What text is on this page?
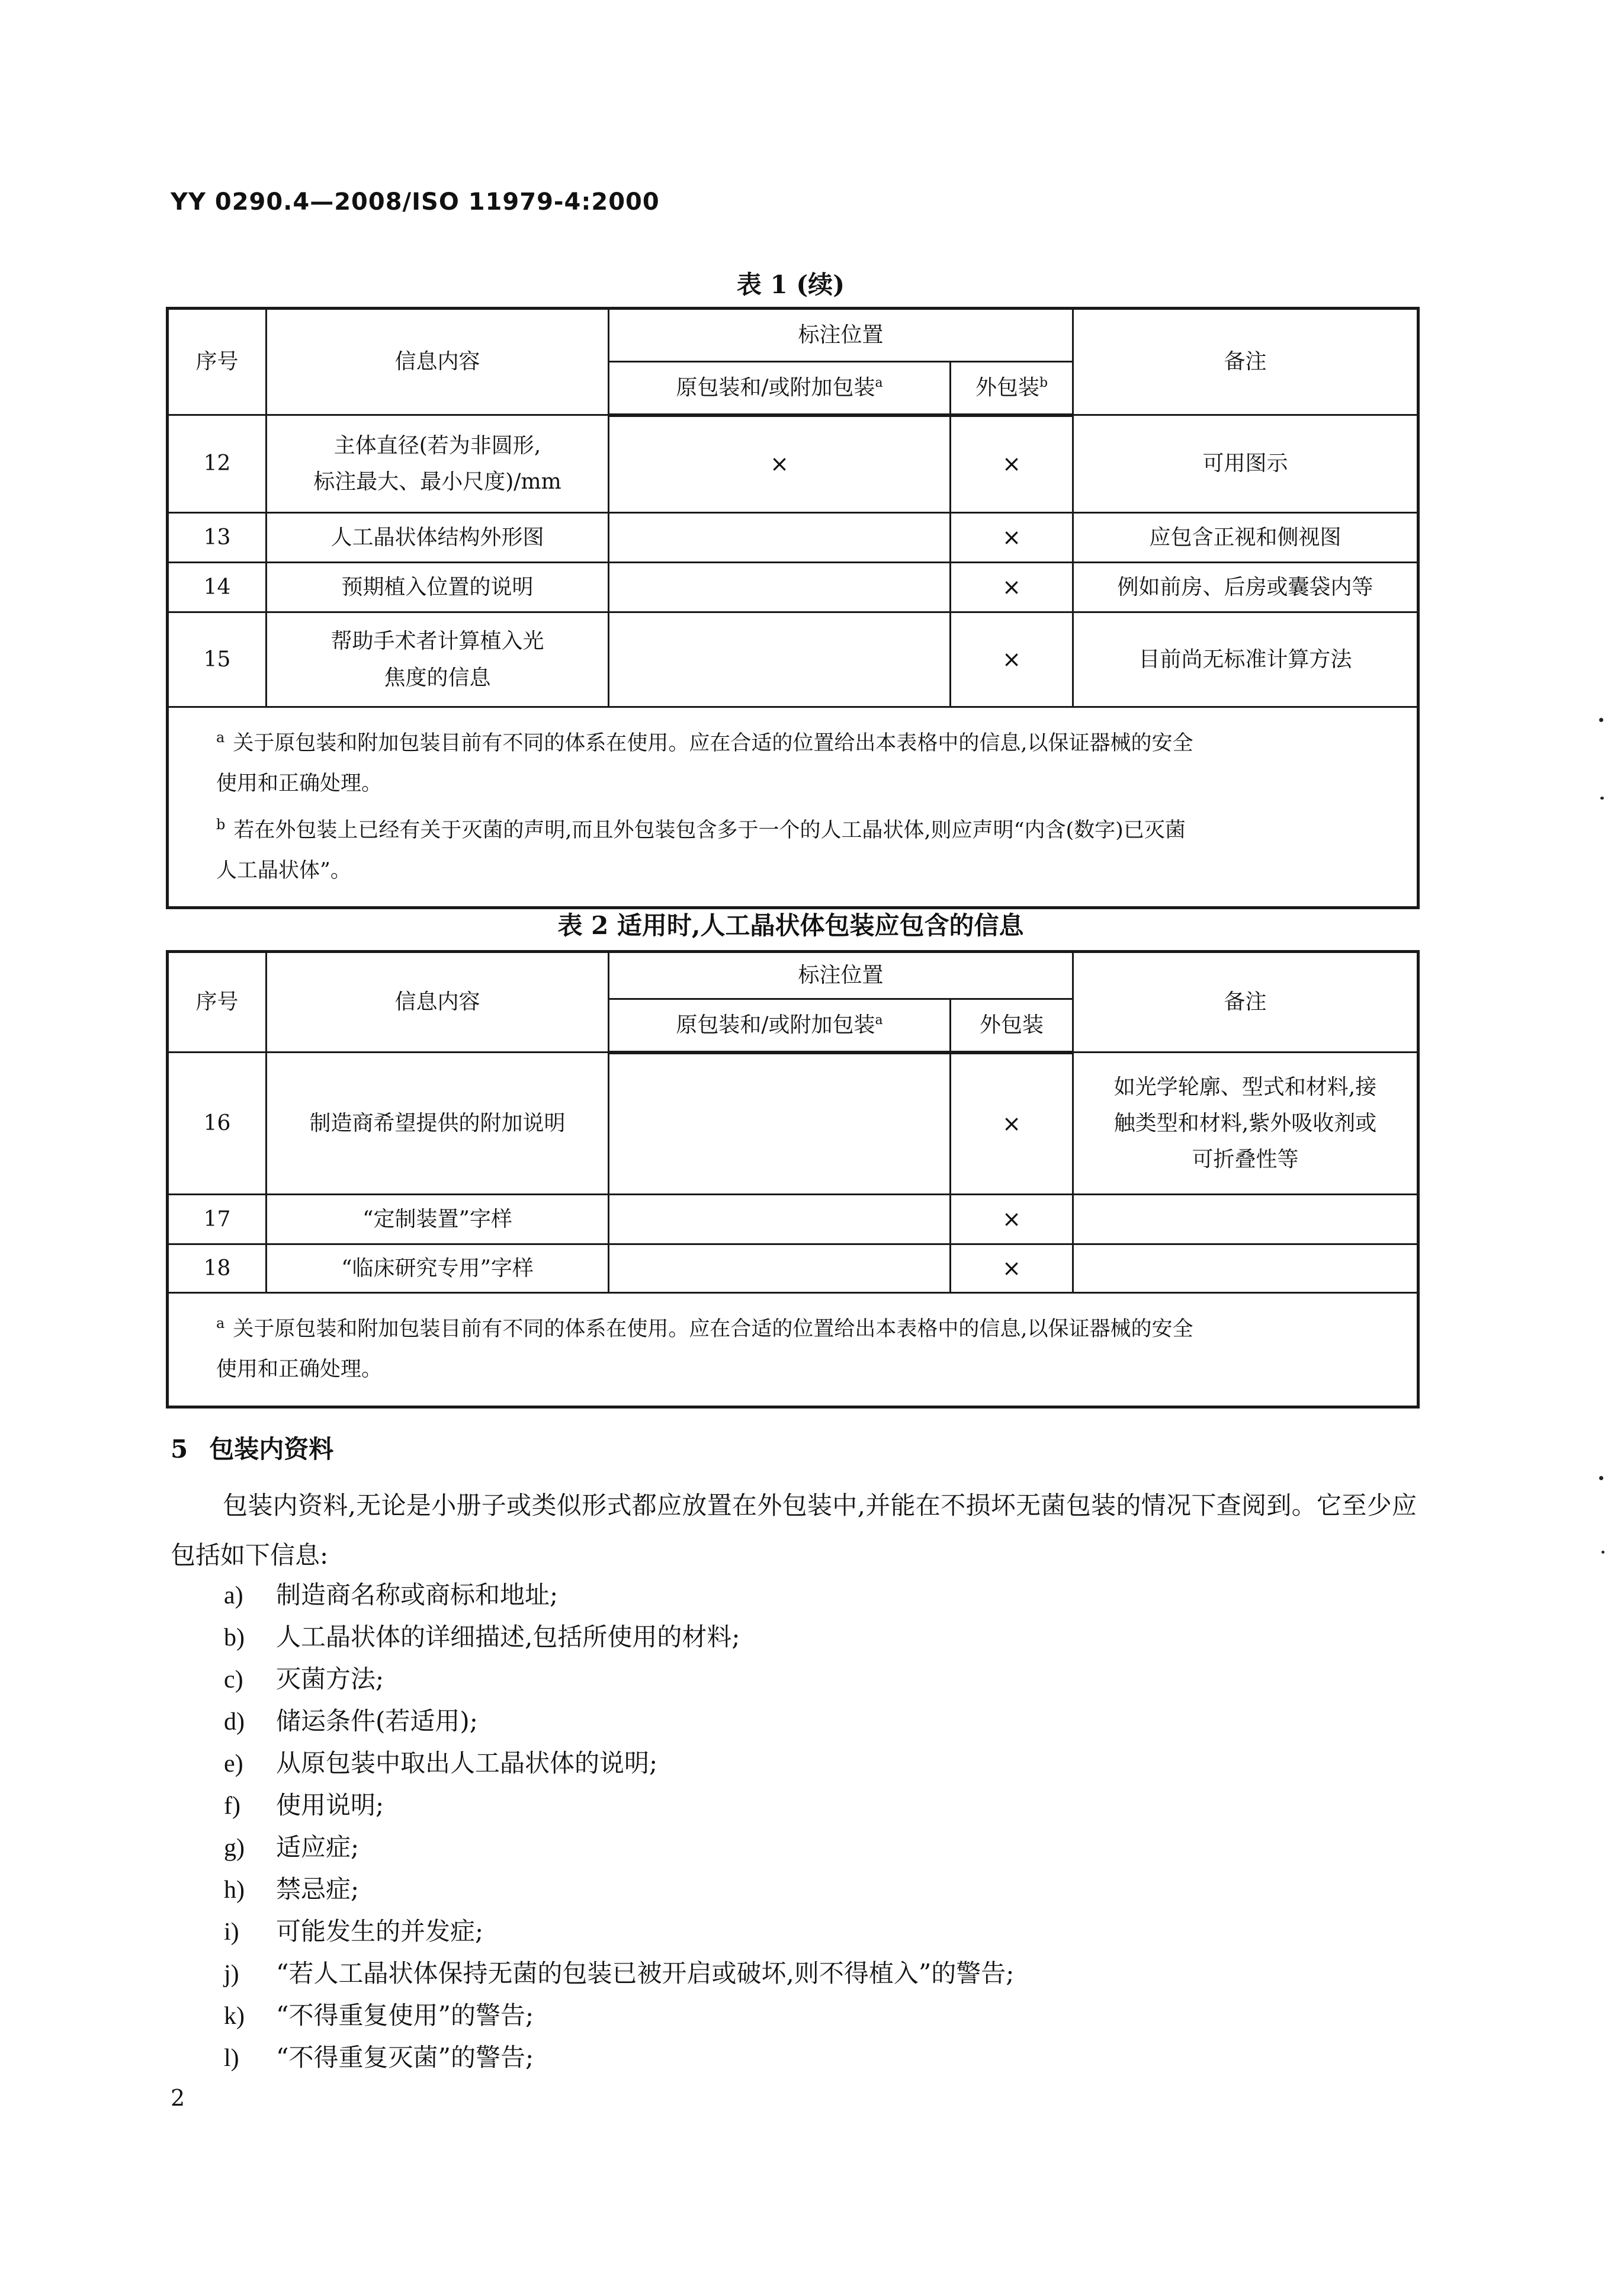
YY 0290.4—2008/ISO 11979-4:2000
表 1 (续)
序号	信息内容	标注位置		备注
		原包装和/或附加包装$^a$	外包装$^b$
12	主体直径(若为非圆形,
标注最大、最小尺度)/mm	×	×	可用图示
13	人工晶状体结构外形图		×	应包含正视和侧视图
14	预期植入位置的说明		×	例如前房、后房或囊袋内等
15	帮助手术者计算植入光
焦度的信息		×	目前尚无标准计算方法

$^a$ 关于原包装和附加包装目前有不同的体系在使用。应在合适的位置给出本表格中的信息,以保证器械的安全
使用和正确处理。
$^b$ 若在外包装上已经有关于灭菌的声明,而且外包装包含多于一个的人工晶状体,则应声明“内含(数字)已灭菌
人工晶状体”。				
表 2 适用时,人工晶状体包装应包含的信息
序号	信息内容	标注位置		备注
		原包装和/或附加包装$^a$	外包装	
16	制造商希望提供的附加说明		×	如光学轮廓、型式和材料,接
触类型和材料,紫外吸收剂或
可折叠性等

17	“定制装置”字样		×	
18	“临床研究专用”字样		×	

$^a$ 关于原包装和附加包装目前有不同的体系在使用。应在合适的位置给出本表格中的信息,以保证器械的安全
使用和正确处理。				
5 包装内资料
包装内资料,无论是小册子或类似形式都应放置在外包装中,并能在不损坏无菌包装的情况下查阅到。它至少应包括如下信息:
a) 制造商名称或商标和地址;
b) 人工晶状体的详细描述,包括所使用的材料;
c) 灭菌方法;
d) 储运条件(若适用);
e) 从原包装中取出人工晶状体的说明;
f) 使用说明;
g) 适应症;
h) 禁忌症;
i) 可能发生的并发症;
j) “若人工晶状体保持无菌的包装已被开启或破坏,则不得植入”的警告;
k) “不得重复使用”的警告;
l) “不得重复灭菌”的警告;
2
